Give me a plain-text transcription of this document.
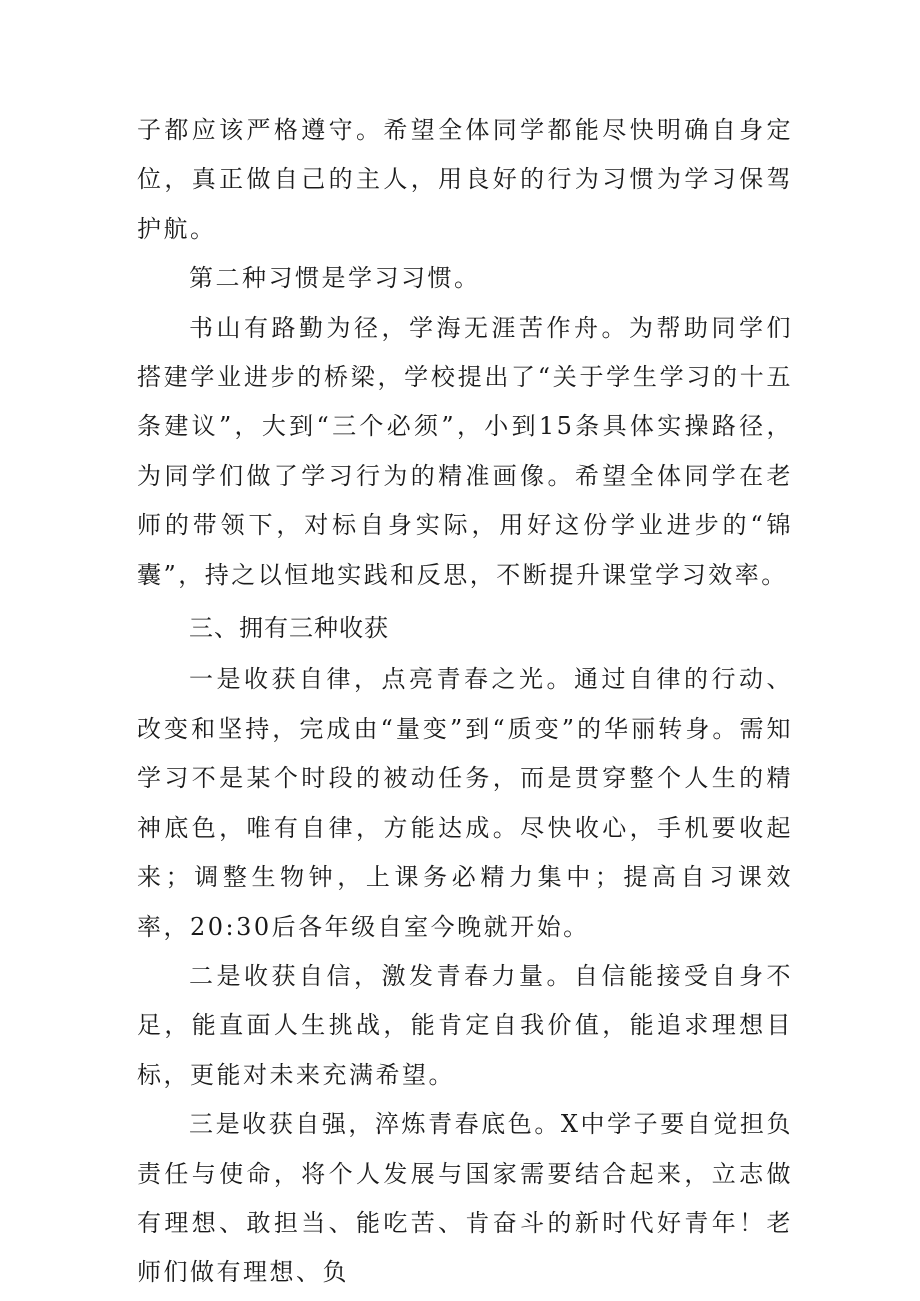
子都应该严格遵守。希望全体同学都能尽快明确自身定位，真正做自己的主人，用良好的行为习惯为学习保驾护航。

第二种习惯是学习习惯。

书山有路勤为径，学海无涯苦作舟。为帮助同学们搭建学业进步的桥梁，学校提出了“关于学生学习的十五条建议”，大到“三个必须”，小到15条具体实操路径，为同学们做了学习行为的精准画像。希望全体同学在老师的带领下，对标自身实际，用好这份学业进步的“锦囊”，持之以恒地实践和反思，不断提升课堂学习效率。

三、拥有三种收获

一是收获自律，点亮青春之光。通过自律的行动、改变和坚持，完成由“量变”到“质变”的华丽转身。需知学习不是某个时段的被动任务，而是贯穿整个人生的精神底色，唯有自律，方能达成。尽快收心，手机要收起来；调整生物钟，上课务必精力集中；提高自习课效率，20:30后各年级自室今晚就开始。

二是收获自信，激发青春力量。自信能接受自身不足，能直面人生挑战，能肯定自我价值，能追求理想目标，更能对未来充满希望。

三是收获自强，淬炼青春底色。X中学子要自觉担负责任与使命，将个人发展与国家需要结合起来，立志做有理想、敢担当、能吃苦、肯奋斗的新时代好青年！老师们做有理想、负
